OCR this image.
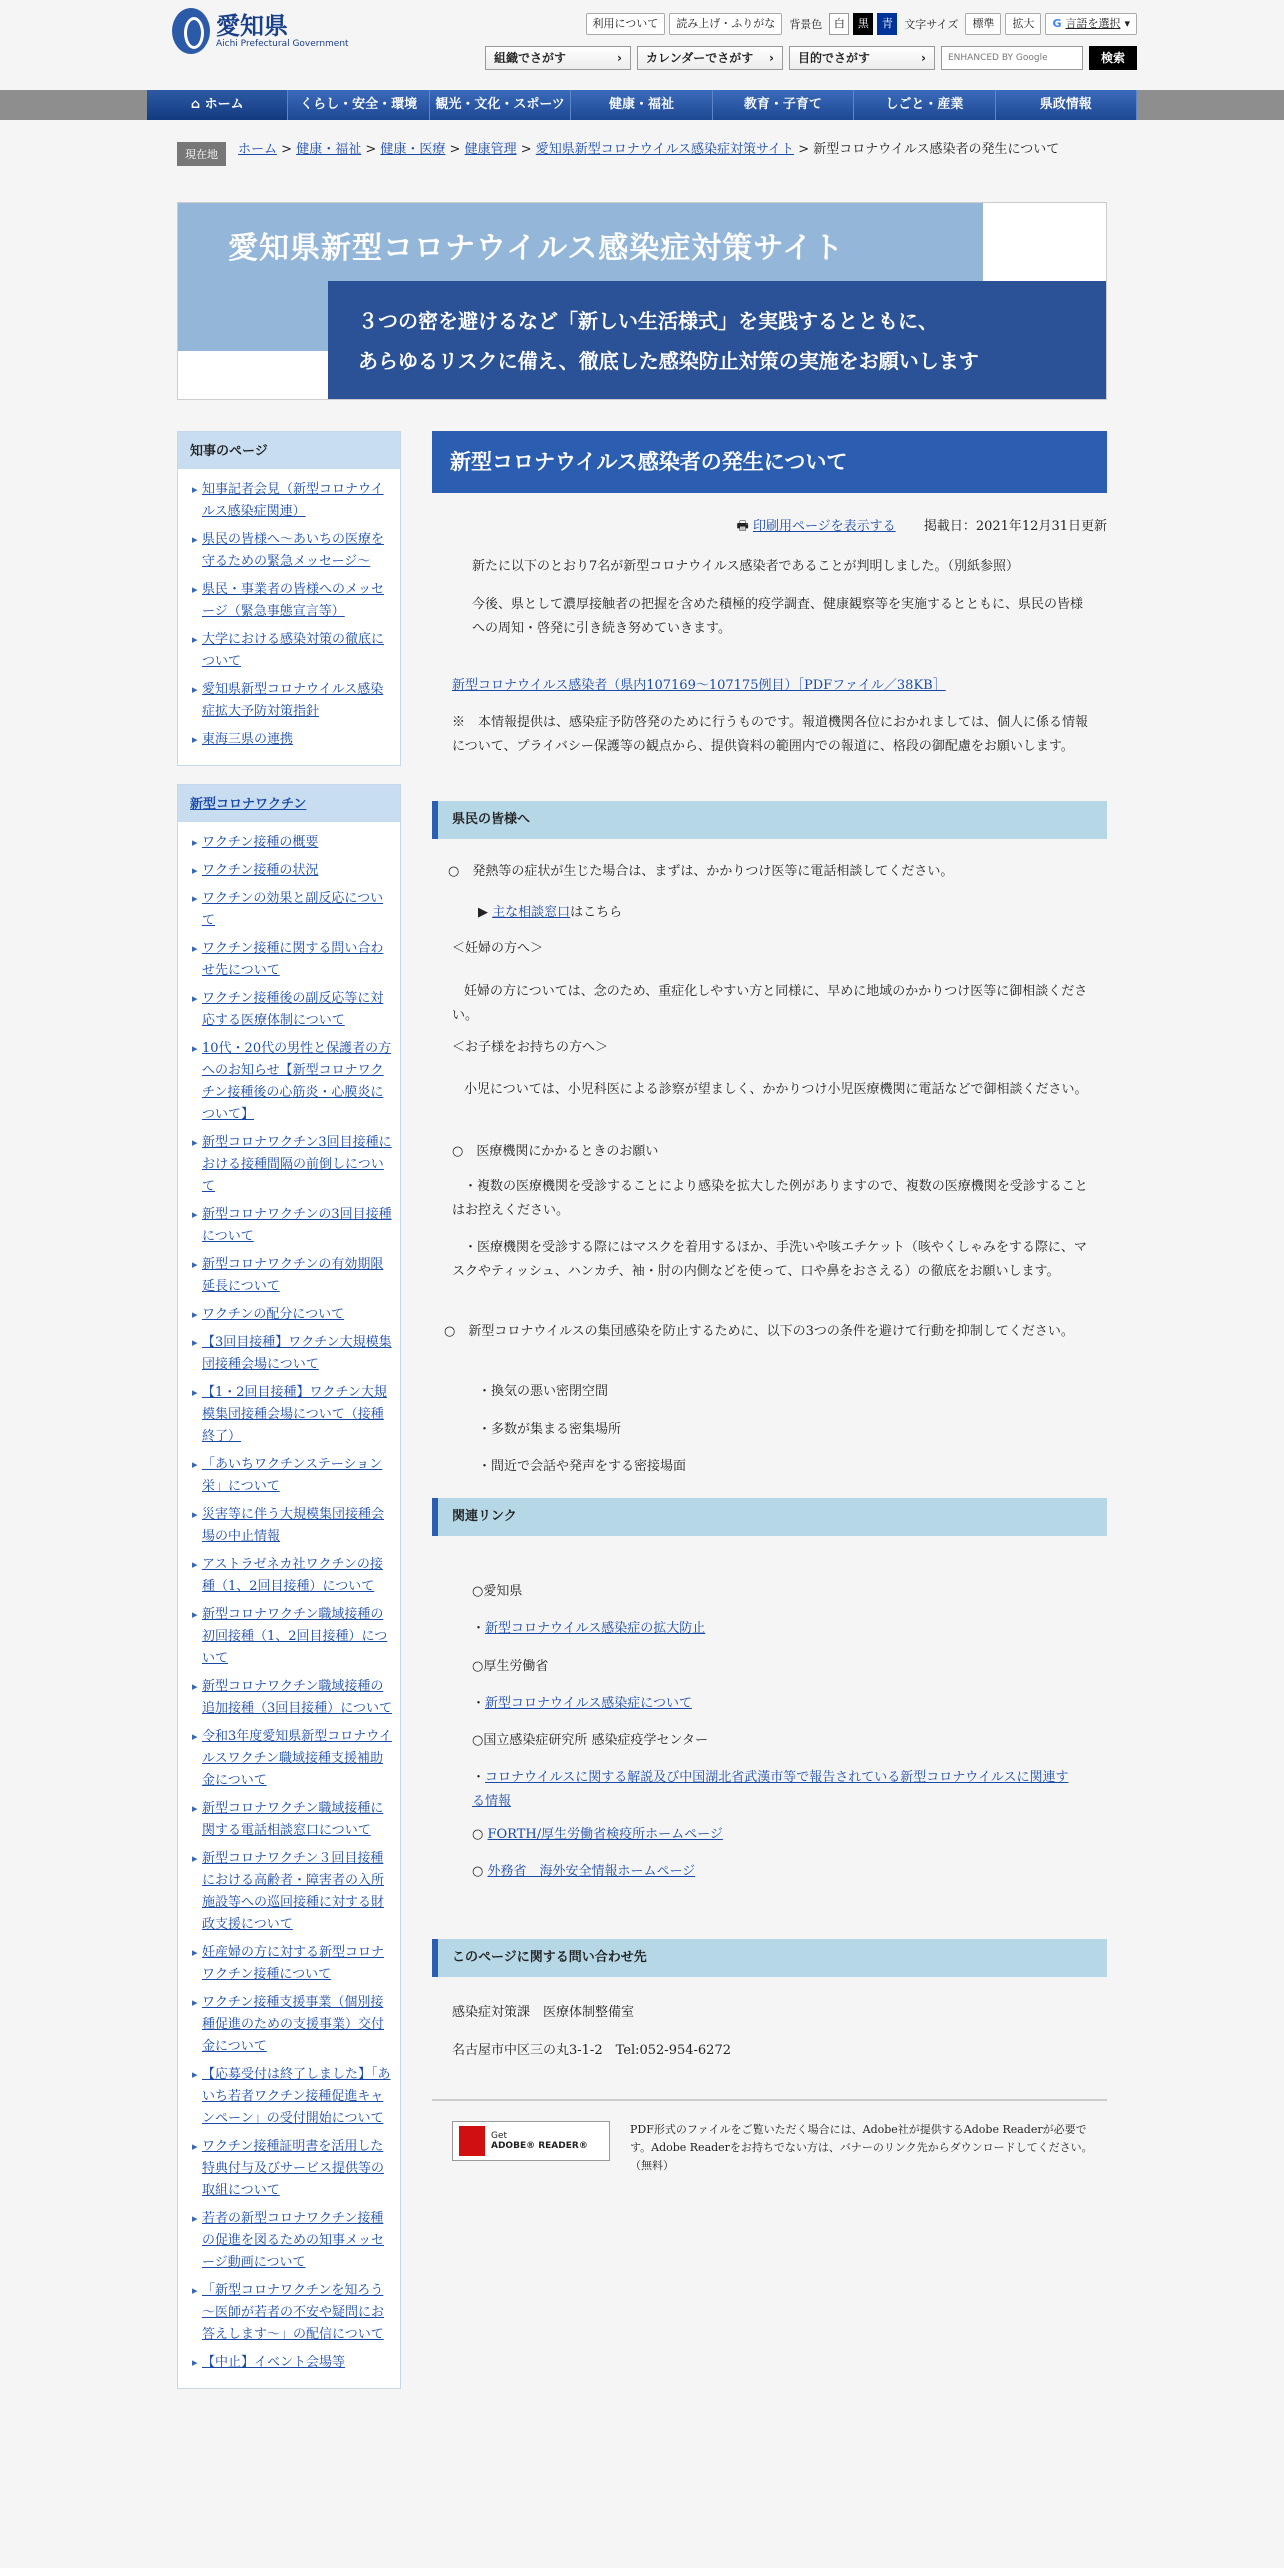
愛知県
Aichi Prefectural Government
利用について	読み上げ・ふりがな	背景色	白	黒	青	文字サイズ	標準	拡大	G 言語を選択 ▾
組織でさがす	› カレンダーでさがす › 目的でさがす	›	ENHANCED BY Google	検索
⌂ ホーム	くらし・安全・環境	観光・文化・スポーツ	健康・福祉	教育・子育て	しごと・産業	県政情報
現在地	ホーム > 健康・福祉 > 健康・医療 > 健康管理 > 愛知県新型コロナウイルス感染症対策サイト > 新型コロナウイルス感染者の発生について
愛知県新型コロナウイルス感染症対策サイト
３つの密を避けるなど「新しい生活様式」を実践するとともに、
あらゆるリスクに備え、徹底した感染防止対策の実施をお願いします
知事のページ
▸ 知事記者会見（新型コロナウイルス感染症関連）
▸ 県民の皆様へ～あいちの医療を守るための緊急メッセージ～
▸ 県民・事業者の皆様へのメッセージ（緊急事態宣言等）
▸ 大学における感染対策の徹底について
▸ 愛知県新型コロナウイルス感染症拡大予防対策指針
▸ 東海三県の連携
新型コロナワクチン
▸ ワクチン接種の概要
▸ ワクチン接種の状況
▸ ワクチンの効果と副反応について
▸ ワクチン接種に関する問い合わせ先について
▸ ワクチン接種後の副反応等に対応する医療体制について
▸ 10代・20代の男性と保護者の方へのお知らせ【新型コロナワクチン接種後の心筋炎・心膜炎について】
▸ 新型コロナワクチン3回目接種における接種間隔の前倒しについて
▸ 新型コロナワクチンの3回目接種について
▸ 新型コロナワクチンの有効期限延長について
▸ ワクチンの配分について
▸ 【3回目接種】ワクチン大規模集団接種会場について
▸ 【1・2回目接種】ワクチン大規模集団接種会場について（接種終了）
▸ 「あいちワクチンステーション栄」について
▸ 災害等に伴う大規模集団接種会場の中止情報
▸ アストラゼネカ社ワクチンの接種（1、2回目接種）について
▸ 新型コロナワクチン職域接種の初回接種（1、2回目接種）について
▸ 新型コロナワクチン職域接種の追加接種（3回目接種）について
▸ 令和3年度愛知県新型コロナウイルスワクチン職域接種支援補助金について
▸ 新型コロナワクチン職域接種に関する電話相談窓口について
▸ 新型コロナワクチン３回目接種における高齢者・障害者の入所施設等への巡回接種に対する財政支援について
▸ 妊産婦の方に対する新型コロナワクチン接種について
▸ ワクチン接種支援事業（個別接種促進のための支援事業）交付金について
▸ 【応募受付は終了しました】「あいち若者ワクチン接種促進キャンペーン」の受付開始について
▸ ワクチン接種証明書を活用した特典付与及びサービス提供等の取組について
▸ 若者の新型コロナワクチン接種の促進を図るための知事メッセージ動画について
▸ 「新型コロナワクチンを知ろう～医師が若者の不安や疑問にお答えします～」の配信について
▸ 【中止】イベント会場等
新型コロナウイルス感染者の発生について
🖶 印刷用ページを表示する 掲載日：2021年12月31日更新
新たに以下のとおり7名が新型コロナウイルス感染者であることが判明しました。（別紙参照）
今後、県として濃厚接触者の把握を含めた積極的疫学調査、健康観察等を実施するとともに、県民の皆様への周知・啓発に引き続き努めていきます。
新型コロナウイルス感染者（県内107169～107175例目）［PDFファイル／38KB］
※　本情報提供は、感染症予防啓発のために行うものです。報道機関各位におかれましては、個人に係る情報について、プライバシー保護等の観点から、提供資料の範囲内での報道に、格段の御配慮をお願いします。
県民の皆様へ
○　発熱等の症状が生じた場合は、まずは、かかりつけ医等に電話相談してください。
▶ 主な相談窓口はこちら
＜妊婦の方へ＞
妊婦の方については、念のため、重症化しやすい方と同様に、早めに地域のかかりつけ医等に御相談ください。
＜お子様をお持ちの方へ＞
小児については、小児科医による診察が望ましく、かかりつけ小児医療機関に電話などで御相談ください。
○　医療機関にかかるときのお願い
・複数の医療機関を受診することにより感染を拡大した例がありますので、複数の医療機関を受診することはお控えください。
・医療機関を受診する際にはマスクを着用するほか、手洗いや咳エチケット（咳やくしゃみをする際に、マスクやティッシュ、ハンカチ、袖・肘の内側などを使って、口や鼻をおさえる）の徹底をお願いします。
○　新型コロナウイルスの集団感染を防止するために、以下の3つの条件を避けて行動を抑制してください。
・換気の悪い密閉空間
・多数が集まる密集場所
・間近で会話や発声をする密接場面
関連リンク
○愛知県
・新型コロナウイルス感染症の拡大防止
○厚生労働省
・新型コロナウイルス感染症について
○国立感染症研究所 感染症疫学センター
・コロナウイルスに関する解説及び中国湖北省武漢市等で報告されている新型コロナウイルスに関連する情報
○ FORTH/厚生労働省検疫所ホームページ
○ 外務省　海外安全情報ホームページ
このページに関する問い合わせ先
感染症対策課　医療体制整備室
名古屋市中区三の丸3-1-2　Tel:052-954-6272
Get
ADOBE® READER®
PDF形式のファイルをご覧いただく場合には、Adobe社が提供するAdobe Readerが必要です。Adobe Readerをお持ちでない方は、バナーのリンク先からダウンロードしてください。（無料）
